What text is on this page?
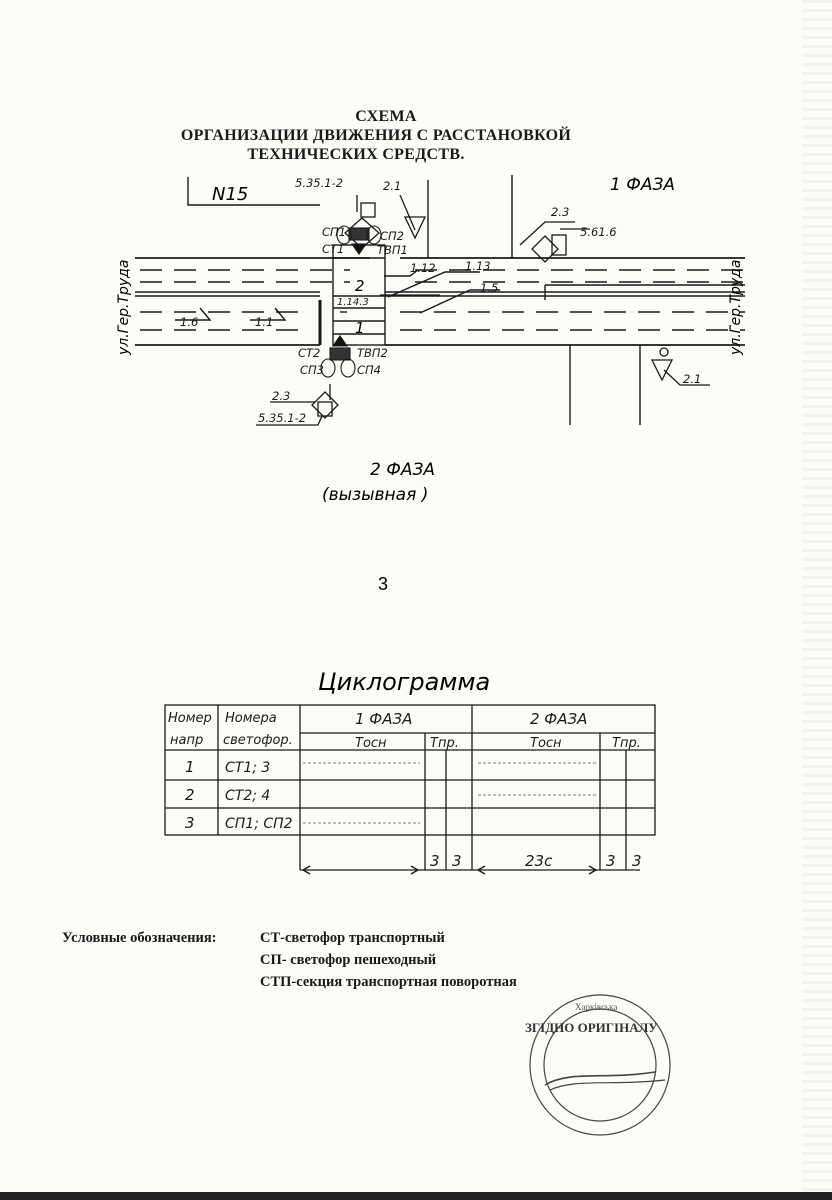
СХЕМА
ОРГАНИЗАЦИИ ДВИЖЕНИЯ С РАССТАНОВКОЙ
ТЕХНИЧЕСКИХ СРЕДСТВ.
N15	1 ФАЗА
5.35.1-2	2.1
СП1	СП2
СТ1	ТВП1
2.3
5.61.6
1.12	1.13
1.5
1.14.3
1.6	1.1
СТ2	ТВП2
СП3	СП4
2.3
5.35.1-2
2.1
2
1
ул.Гер.Труда	ул.Гер.Труда
2 ФАЗА
(вызывная )
3
Циклограмма
Номер
напр
Номера
светофор.
1 ФАЗА	2 ФАЗА
Tосн	Tпр.	Tосн	Tпр.
1 СТ1; 3
2 СТ2; 4
3 СП1; СП2
3 3	23с	3 3
Условные обозначения:	СТ-светофор транспортный
СП- светофор пешеходный
СТП-секция транспортная поворотная
ЗГІДНО ОРИГІНАЛУ
Харківська
